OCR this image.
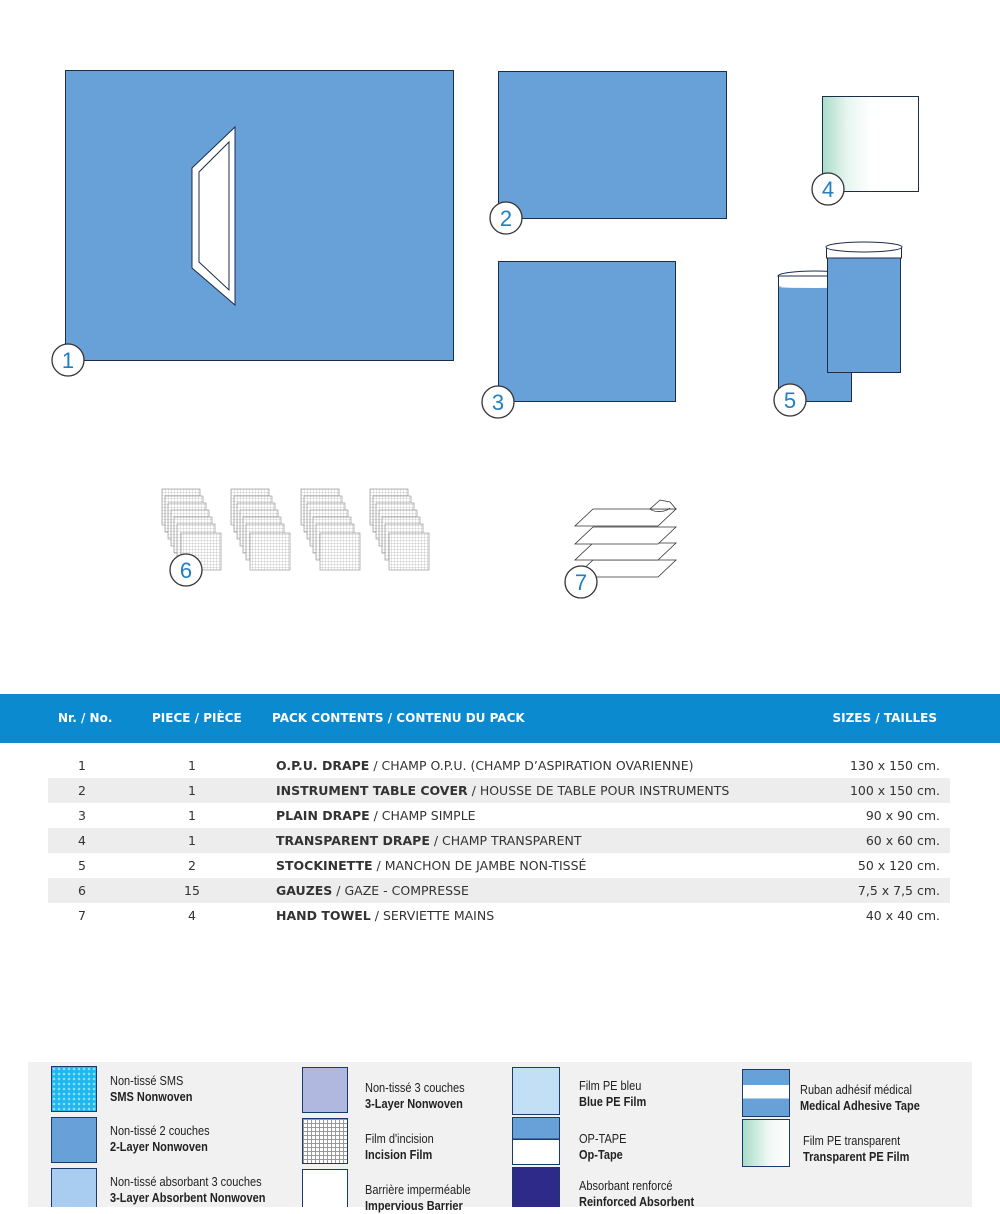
1
2
3
4
5
6	7
Nr. / No.	PIECE / PIÈCE	PACK CONTENTS / CONTENU DU PACK	SIZES / TAILLES
1	1	O.P.U. DRAPE / CHAMP O.P.U. (CHAMP D’ASPIRATION OVARIENNE)	130 x 150 cm.
2	1	INSTRUMENT TABLE COVER / HOUSSE DE TABLE POUR INSTRUMENTS	100 x 150 cm.
3	1	PLAIN DRAPE / CHAMP SIMPLE	90 x 90 cm.
4	1	TRANSPARENT DRAPE / CHAMP TRANSPARENT	60 x 60 cm.
5	2	STOCKINETTE / MANCHON DE JAMBE NON-TISSÉ	50 x 120 cm.
6	15	GAUZES / GAZE - COMPRESSE	7,5 x 7,5 cm.
7	4	HAND TOWEL / SERVIETTE MAINS	40 x 40 cm.
Non-tissé SMS
SMS Nonwoven
Non-tissé 2 couches
2-Layer Nonwoven
Non-tissé absorbant 3 couches
3-Layer Absorbent Nonwoven
Non-tissé 3 couches
3-Layer Nonwoven
Film d'incision
Incision Film
Barrière imperméable
Impervious Barrier
Film PE bleu
Blue PE Film
OP-TAPE
Op-Tape
Absorbant renforcé
Reinforced Absorbent
Ruban adhésif médical
Medical Adhesive Tape
Film PE transparent
Transparent PE Film
